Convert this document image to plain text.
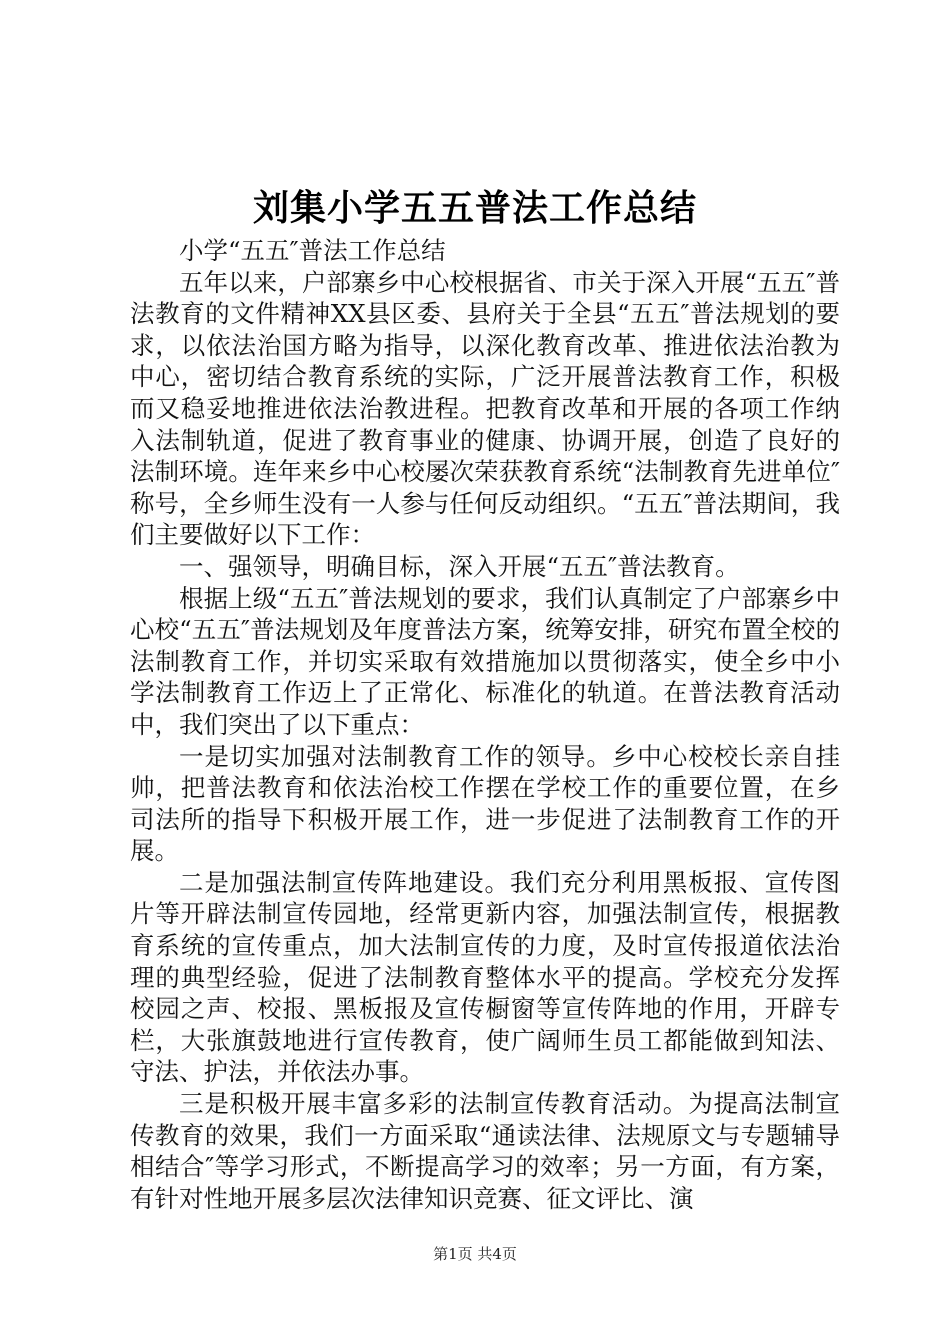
刘集小学五五普法工作总结

小学“五五″普法工作总结

五年以来，户部寨乡中心校根据省、市关于深入开展“五五″普法教育的文件精神XX县区委、县府关于全县“五五″普法规划的要求，以依法治国方略为指导，以深化教育改革、推进依法治教为中心，密切结合教育系统的实际，广泛开展普法教育工作，积极而又稳妥地推进依法治教进程。把教育改革和开展的各项工作纳入法制轨道，促进了教育事业的健康、协调开展，创造了良好的法制环境。连年来乡中心校屡次荣获教育系统“法制教育先进单位″称号，全乡师生没有一人参与任何反动组织。“五五″普法期间，我们主要做好以下工作：

一、强领导，明确目标，深入开展“五五″普法教育。

根据上级“五五″普法规划的要求，我们认真制定了户部寨乡中心校“五五″普法规划及年度普法方案，统筹安排，研究布置全校的法制教育工作，并切实采取有效措施加以贯彻落实，使全乡中小学法制教育工作迈上了正常化、标准化的轨道。在普法教育活动中，我们突出了以下重点：

一是切实加强对法制教育工作的领导。乡中心校校长亲自挂帅，把普法教育和依法治校工作摆在学校工作的重要位置，在乡司法所的指导下积极开展工作，进一步促进了法制教育工作的开展。

二是加强法制宣传阵地建设。我们充分利用黑板报、宣传图片等开辟法制宣传园地，经常更新内容，加强法制宣传，根据教育系统的宣传重点，加大法制宣传的力度，及时宣传报道依法治理的典型经验，促进了法制教育整体水平的提高。学校充分发挥校园之声、校报、黑板报及宣传橱窗等宣传阵地的作用，开辟专栏，大张旗鼓地进行宣传教育，使广阔师生员工都能做到知法、守法、护法，并依法办事。

三是积极开展丰富多彩的法制宣传教育活动。为提高法制宣传教育的效果，我们一方面采取“通读法律、法规原文与专题辅导相结合″等学习形式，不断提高学习的效率；另一方面，有方案，有针对性地开展多层次法律知识竞赛、征文评比、演

第1页 共4页
